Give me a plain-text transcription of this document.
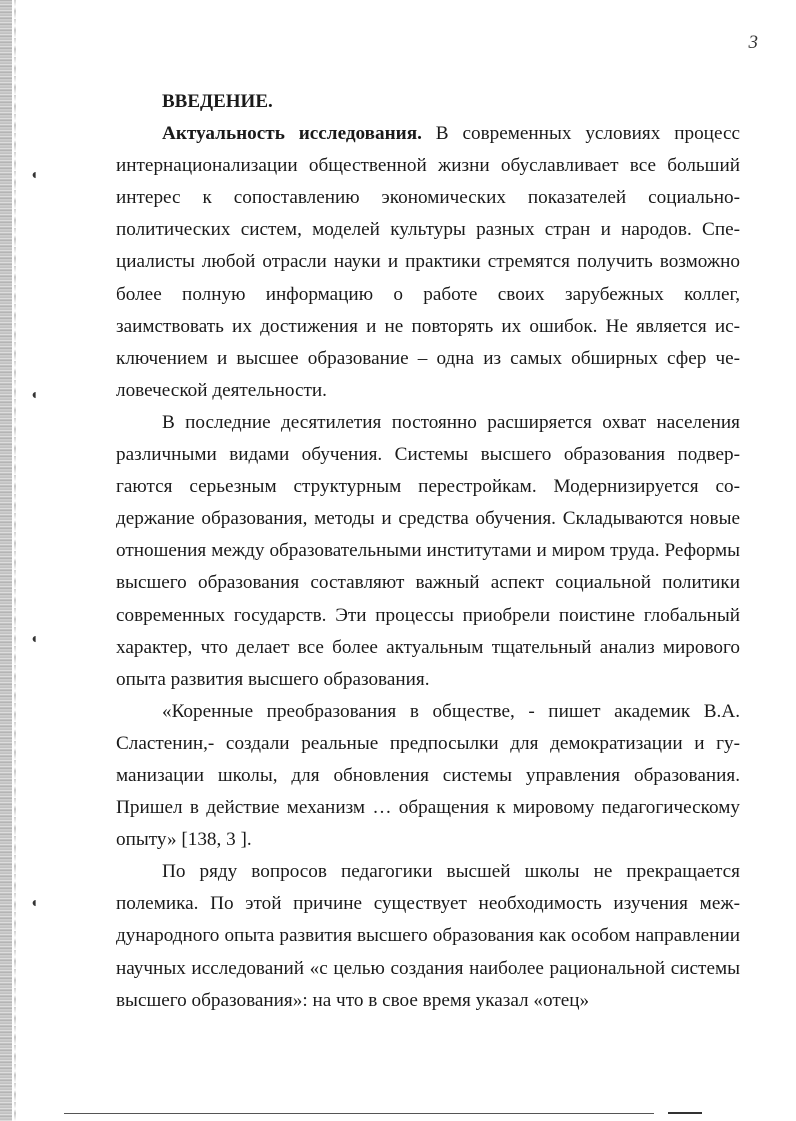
◖
◖
◖
◖
3

ВВЕДЕНИЕ.

Актуальность исследования. В современных условиях процесс интернационализации общественной жизни обуславливает все больший интерес к сопоставлению экономических показателей социально-политических систем, моделей культуры разных стран и народов. Специалисты любой отрасли науки и практики стремятся получить возможно более полную информацию о работе своих зарубежных коллег, заимствовать их достижения и не повторять их ошибок. Не является исключением и высшее образование – одна из самых обширных сфер человеческой деятельности.

В последние десятилетия постоянно расширяется охват населения различными видами обучения. Системы высшего образования подвергаются серьезным структурным перестройкам. Модернизируется содержание образования, методы и средства обучения. Складываются новые отношения между образовательными институтами и миром труда. Реформы высшего образования составляют важный аспект социальной политики современных государств. Эти процессы приобрели поистине глобальный характер, что делает все более актуальным тщательный анализ мирового опыта развития высшего образования.

«Коренные преобразования в обществе, - пишет академик В.А. Сластенин,- создали реальные предпосылки для демократизации и гуманизации школы, для обновления системы управления образования. Пришел в действие механизм … обращения к мировому педагогическому опыту» [138, 3 ].

По ряду вопросов педагогики высшей школы не прекращается полемика. По этой причине существует необходимость изучения международного опыта развития высшего образования как особом направлении научных исследований «с целью создания наиболее рациональной системы высшего образования»: на что в свое время указал «отец»
